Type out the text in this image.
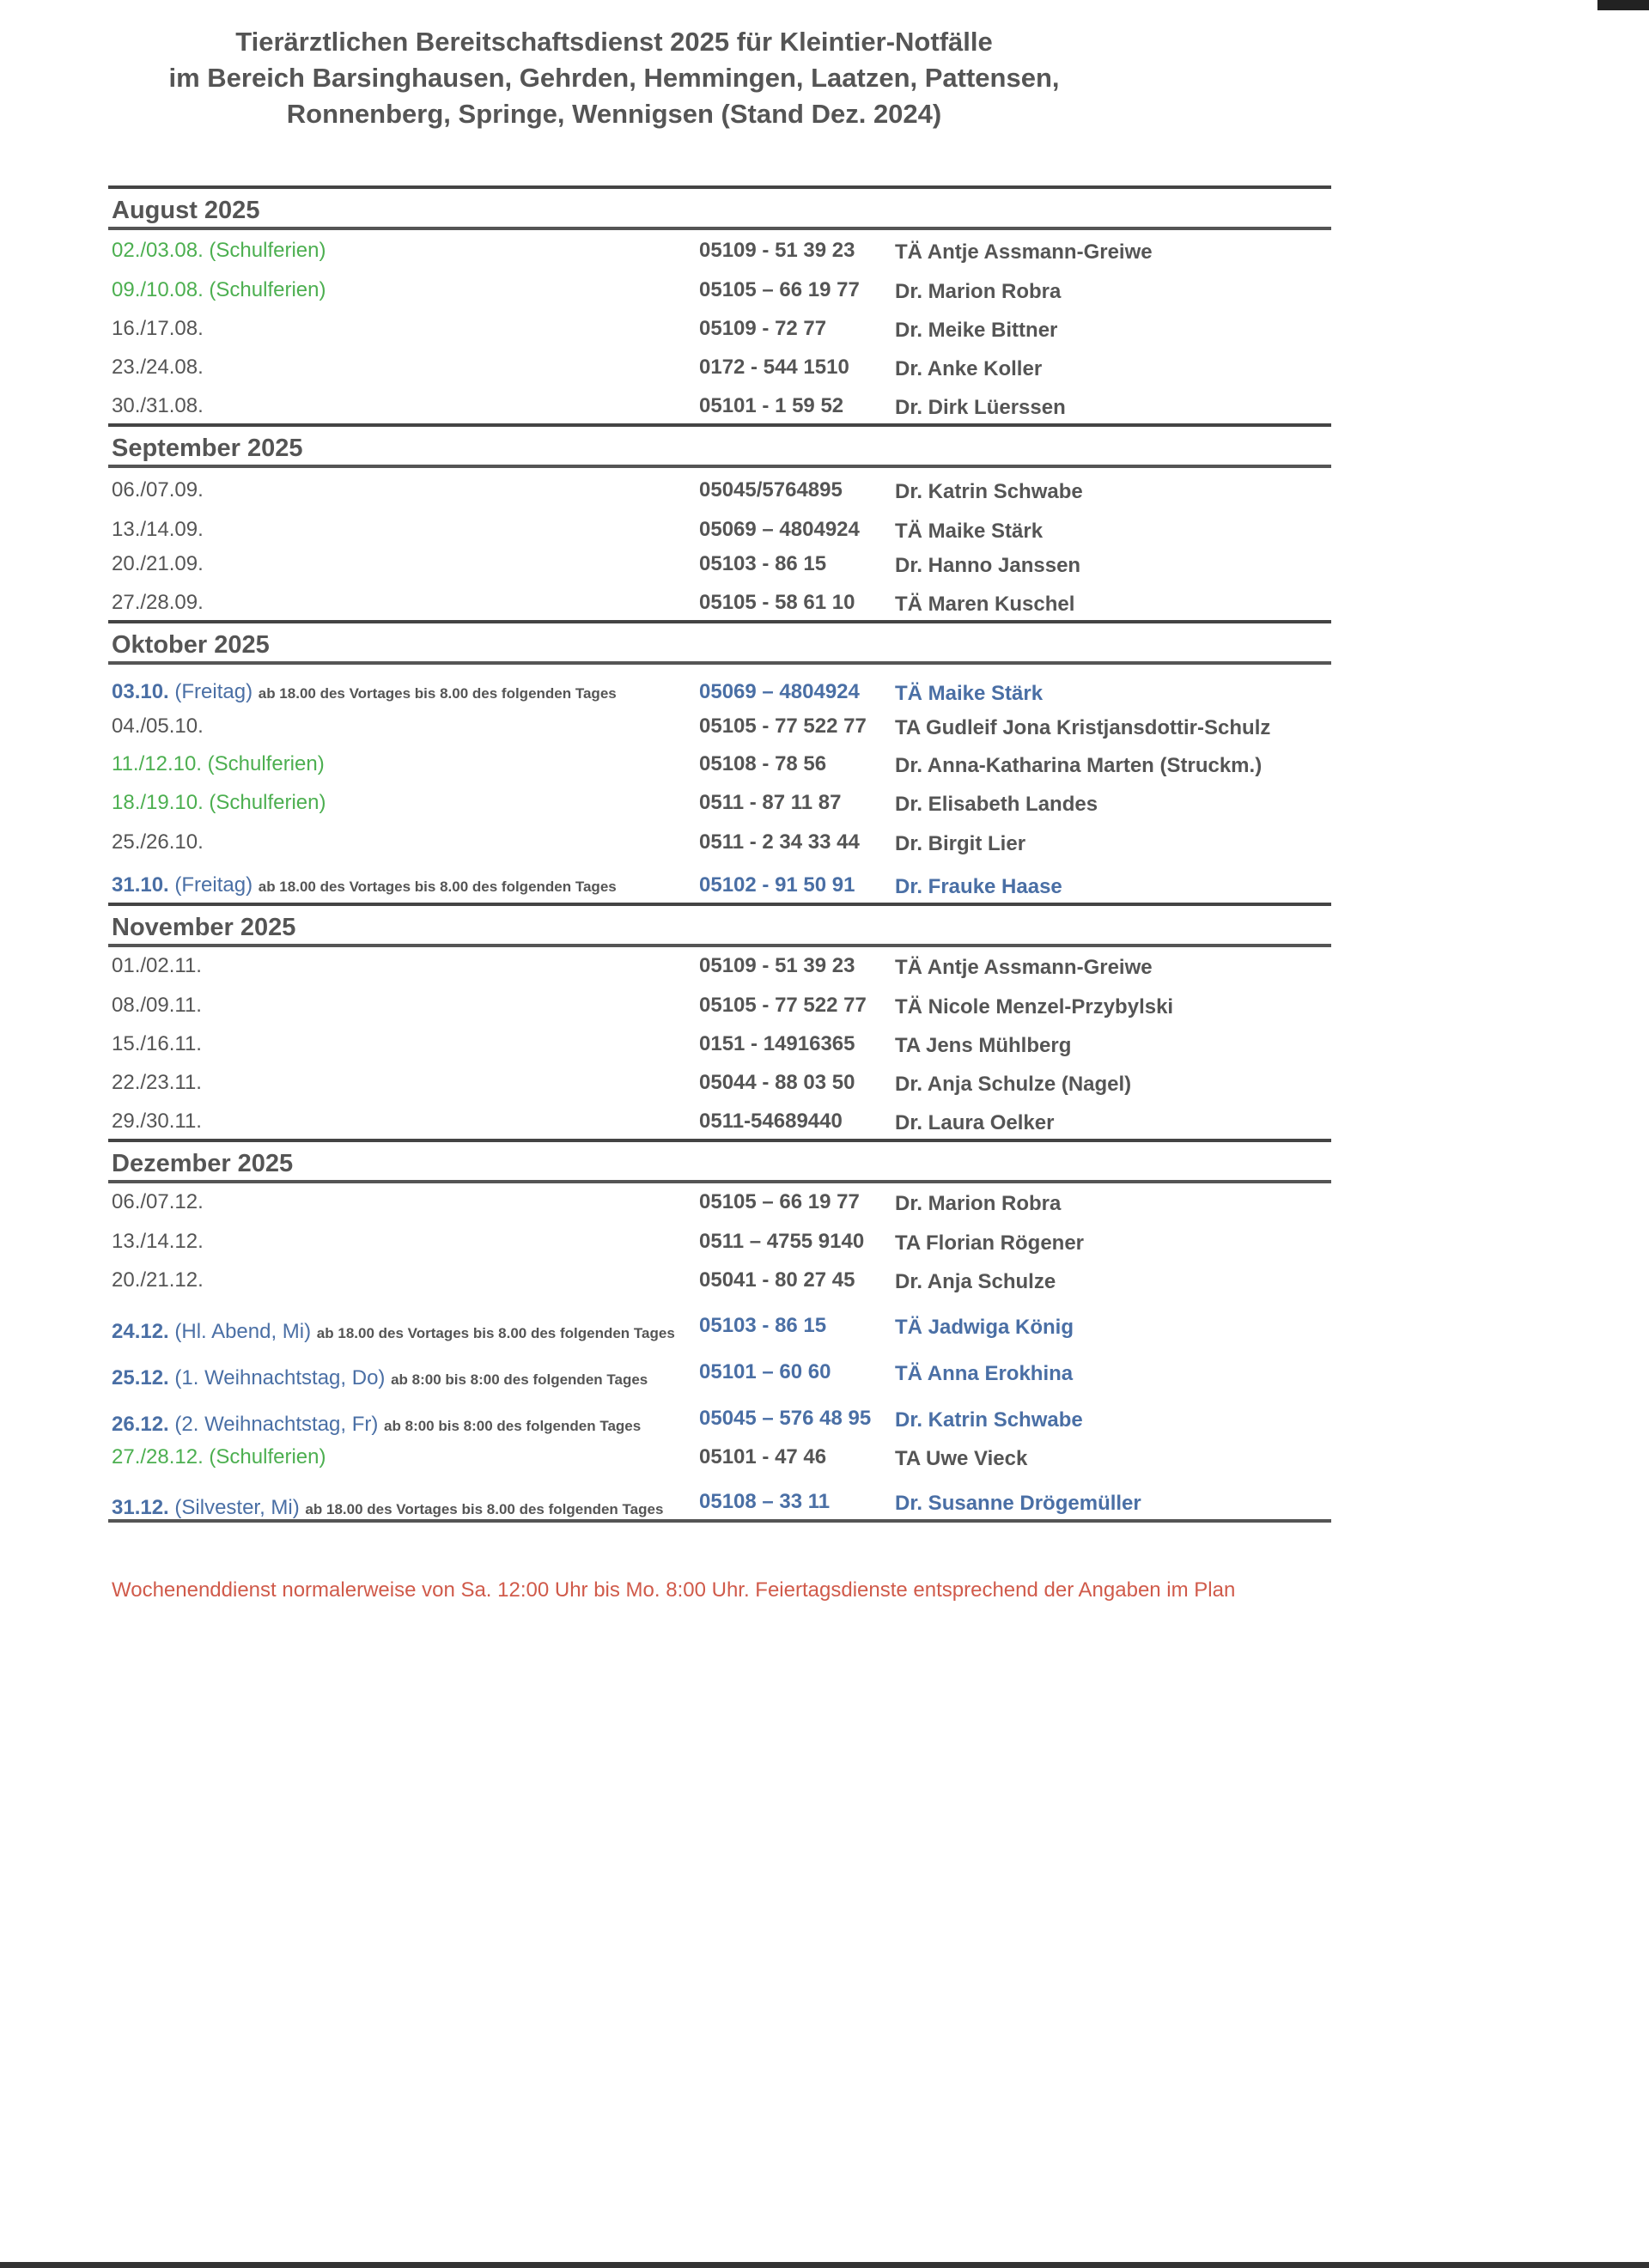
Tierärztlichen Bereitschaftsdienst 2025 für Kleintier-Notfälle
im Bereich Barsinghausen, Gehrden, Hemmingen, Laatzen, Pattensen,
Ronnenberg, Springe, Wennigsen (Stand Dez. 2024)
August 2025
02./03.08. (Schulferien)	05109 - 51 39 23 TÄ Antje Assmann-Greiwe
09./10.08. (Schulferien)	05105 – 66 19 77 Dr. Marion Robra
16./17.08.	05109 - 72 77	Dr. Meike Bittner
23./24.08.	0172 - 544 1510 Dr. Anke Koller
30./31.08.	05101 - 1 59 52 Dr. Dirk Lüerssen
September 2025
06./07.09.	05045/5764895	Dr. Katrin Schwabe
13./14.09.	05069 – 4804924 TÄ Maike Stärk
20./21.09.	05103 - 86 15	Dr. Hanno Janssen
27./28.09.	05105 - 58 61 10 TÄ Maren Kuschel
Oktober 2025
03.10. (Freitag) ab 18.00 des Vortages bis 8.00 des folgenden Tages	05069 – 4804924 TÄ Maike Stärk
04./05.10.	05105 - 77 522 77 TA Gudleif Jona Kristjansdottir-Schulz
11./12.10. (Schulferien)	05108 - 78 56	Dr. Anna-Katharina Marten (Struckm.)
18./19.10. (Schulferien)	0511 - 87 11 87	Dr. Elisabeth Landes
25./26.10.	0511 - 2 34 33 44 Dr. Birgit Lier
31.10. (Freitag) ab 18.00 des Vortages bis 8.00 des folgenden Tages	05102 - 91 50 91 Dr. Frauke Haase
November 2025
01./02.11.	05109 - 51 39 23 TÄ Antje Assmann-Greiwe
08./09.11.	05105 - 77 522 77 TÄ Nicole Menzel-Przybylski
15./16.11.	0151 - 14916365 TA Jens Mühlberg
22./23.11.	05044 - 88 03 50 Dr. Anja Schulze (Nagel)
29./30.11.	0511-54689440	Dr. Laura Oelker
Dezember 2025
06./07.12.	05105 – 66 19 77 Dr. Marion Robra
13./14.12.	0511 – 4755 9140 TA Florian Rögener
20./21.12.	05041 - 80 27 45 Dr. Anja Schulze
24.12. (Hl. Abend, Mi) ab 18.00 des Vortages bis 8.00 des folgenden Tages	05103 - 86 15	TÄ Jadwiga König
25.12. (1. Weihnachtstag, Do) ab 8:00 bis 8:00 des folgenden Tages	05101 – 60 60	TÄ Anna Erokhina
26.12. (2. Weihnachtstag, Fr) ab 8:00 bis 8:00 des folgenden Tages	05045 – 576 48 95 Dr. Katrin Schwabe
27./28.12. (Schulferien)	05101 - 47 46	TA Uwe Vieck
31.12. (Silvester, Mi) ab 18.00 des Vortages bis 8.00 des folgenden Tages	05108 – 33 11	Dr. Susanne Drögemüller
Wochenenddienst normalerweise von Sa. 12:00 Uhr bis Mo. 8:00 Uhr. Feiertagsdienste entsprechend der Angaben im Plan
